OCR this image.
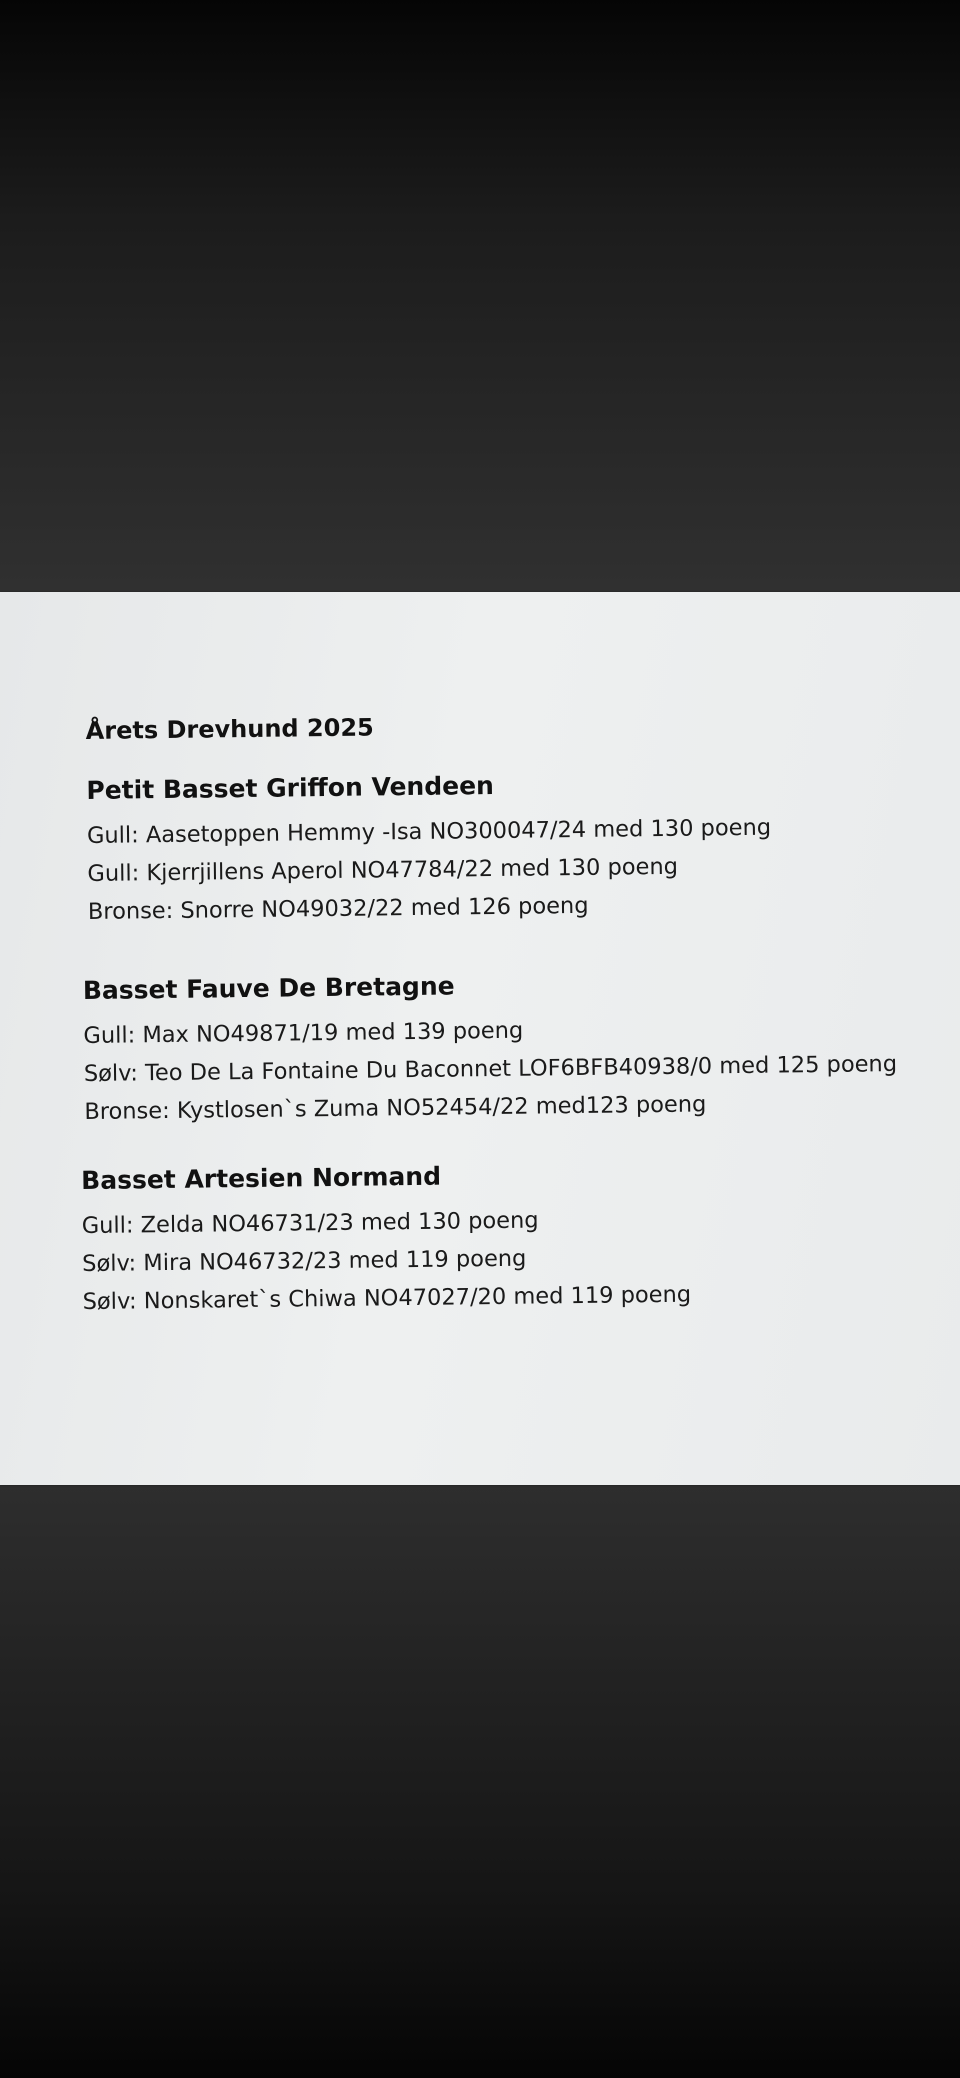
Årets Drevhund 2025
Petit Basset Griffon Vendeen
Gull: Aasetoppen Hemmy -Isa NO300047/24 med 130 poeng
Gull: Kjerrjillens Aperol NO47784/22 med 130 poeng
Bronse: Snorre NO49032/22 med 126 poeng
Basset Fauve De Bretagne
Gull: Max NO49871/19 med 139 poeng
Sølv: Teo De La Fontaine Du Baconnet LOF6BFB40938/0 med 125 poeng
Bronse: Kystlosen`s Zuma NO52454/22 med123 poeng
Basset Artesien Normand
Gull: Zelda NO46731/23 med 130 poeng
Sølv: Mira NO46732/23 med 119 poeng
Sølv: Nonskaret`s Chiwa NO47027/20 med 119 poeng
